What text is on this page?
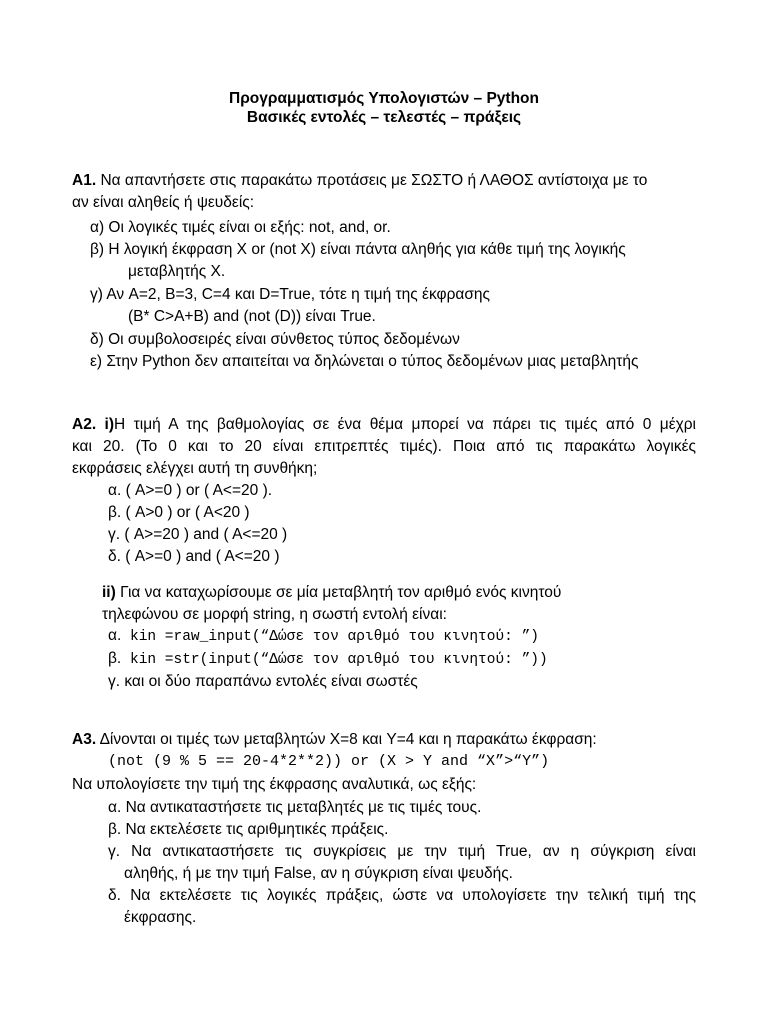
Προγραμματισμός Υπολογιστών – Python
Βασικές εντολές – τελεστές – πράξεις
Α1. Να απαντήσετε στις παρακάτω προτάσεις με ΣΩΣΤΟ ή ΛΑΘΟΣ αντίστοιχα με το
αν είναι αληθείς ή ψευδείς:
α) Οι λογικές τιμές είναι οι εξής: not, and, or.
β) Η λογική έκφραση X or (not X) είναι πάντα αληθής για κάθε τιμή της λογικής
μεταβλητής X.
γ) Αν A=2, B=3, C=4 και D=True, τότε η τιμή της έκφρασης
(B* C>A+B) and (not (D)) είναι True.
δ) Οι συμβολοσειρές είναι σύνθετος τύπος δεδομένων
ε) Στην Python δεν απαιτείται να δηλώνεται ο τύπος δεδομένων μιας μεταβλητής
Α2. i)Η τιμή Α της βαθμολογίας σε ένα θέμα μπορεί να πάρει τις τιμές από 0 μέχρι
και 20. (Το 0 και το 20 είναι επιτρεπτές τιμές). Ποια από τις παρακάτω λογικές
εκφράσεις ελέγχει αυτή τη συνθήκη;
α. ( A>=0 ) or ( A<=20 ).
β. ( A>0 ) or ( A<20 )
γ. ( A>=20 ) and ( A<=20 )
δ. ( A>=0 ) and ( A<=20 )
ii) Για να καταχωρίσουμε σε μία μεταβλητή τον αριθμό ενός κινητού
τηλεφώνου σε μορφή string, η σωστή εντολή είναι:
α. kin =raw_input(“Δώσε τον αριθμό του κινητού: ”)
β. kin =str(input(“Δώσε τον αριθμό του κινητού: ”))
γ. και οι δύο παραπάνω εντολές είναι σωστές
Α3. Δίνονται οι τιμές των μεταβλητών X=8 και Y=4 και η παρακάτω έκφραση:
(not (9 % 5 == 20-4*2**2)) or (X > Y and “X”>“Y”)
Να υπολογίσετε την τιμή της έκφρασης αναλυτικά, ως εξής:
α. Να αντικαταστήσετε τις μεταβλητές με τις τιμές τους.
β. Να εκτελέσετε τις αριθμητικές πράξεις.
γ. Να αντικαταστήσετε τις συγκρίσεις με την τιμή True, αν η σύγκριση είναι
αληθής, ή με την τιμή False, αν η σύγκριση είναι ψευδής.
δ. Να εκτελέσετε τις λογικές πράξεις, ώστε να υπολογίσετε την τελική τιμή της
έκφρασης.
